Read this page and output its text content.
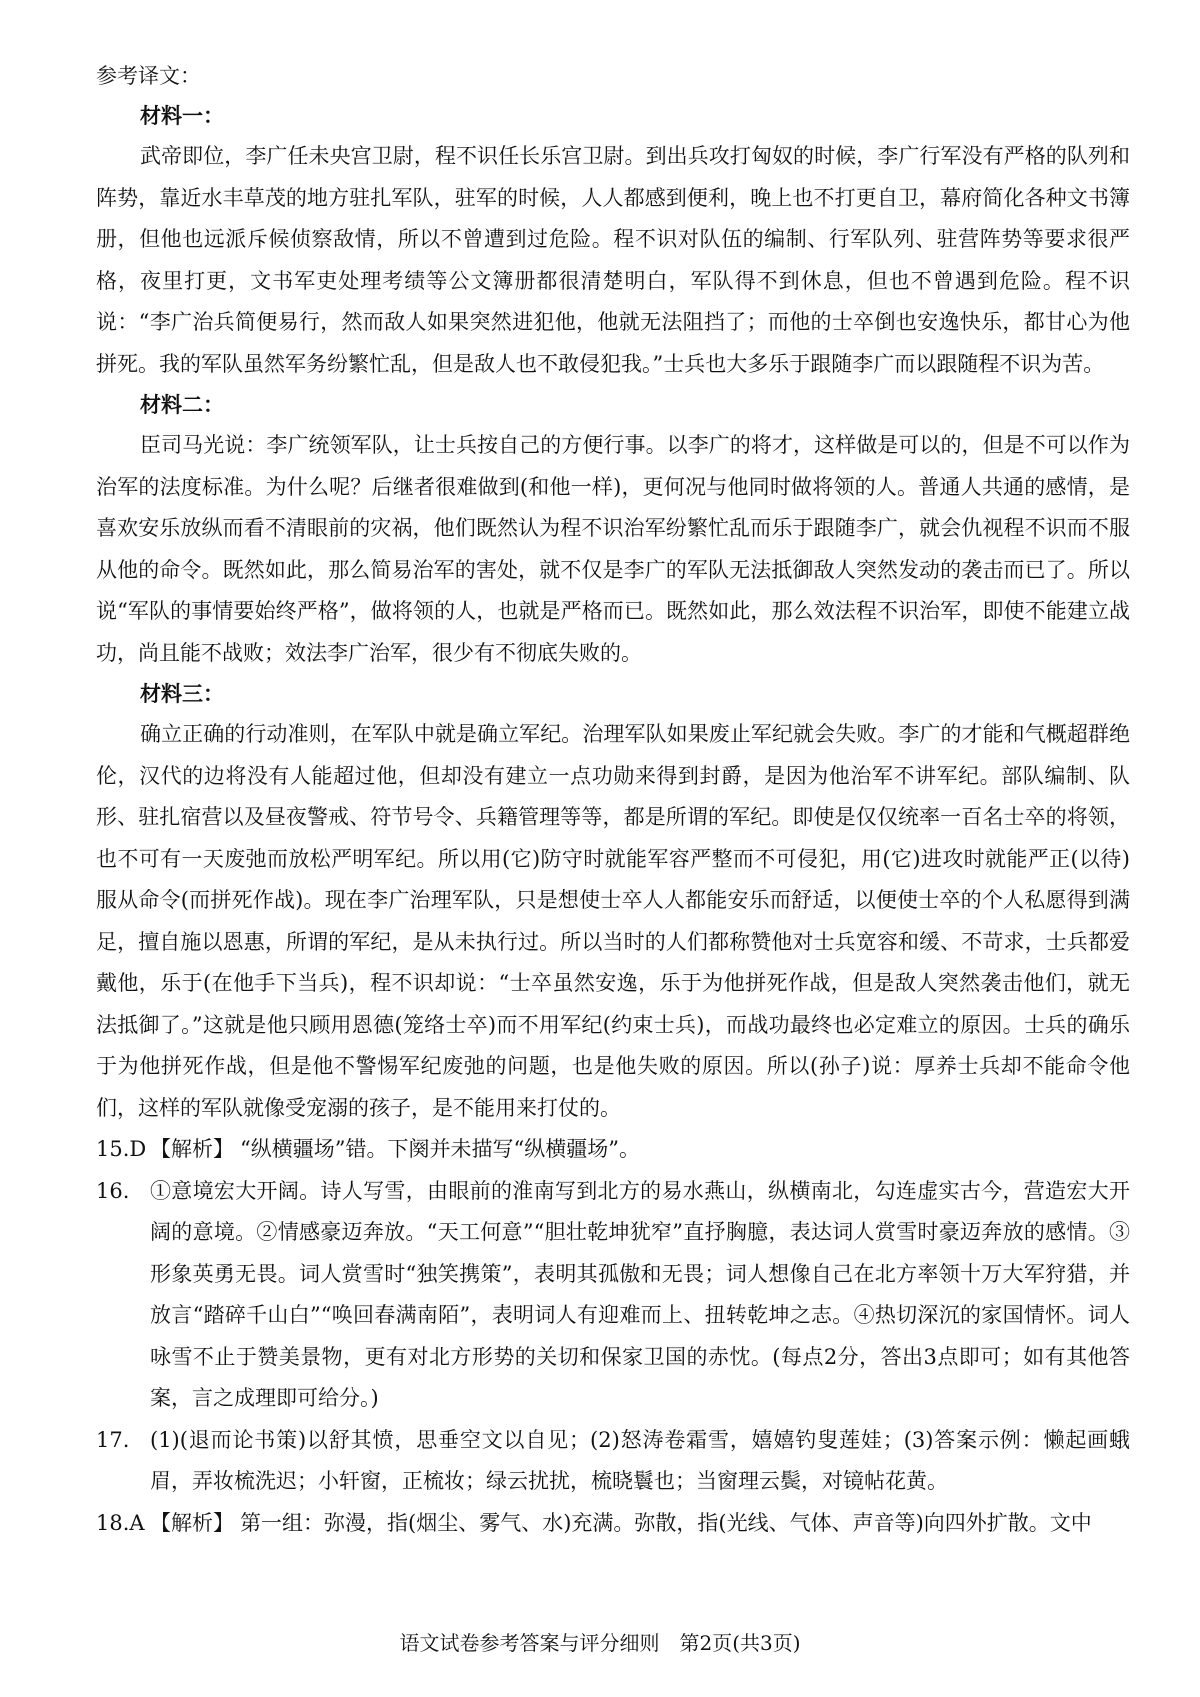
参考译文：

材料一：

武帝即位，李广任未央宫卫尉，程不识任长乐宫卫尉。到出兵攻打匈奴的时候，李广行军没有严格的队列和阵势，靠近水丰草茂的地方驻扎军队，驻军的时候，人人都感到便利，晚上也不打更自卫，幕府简化各种文书簿册，但他也远派斥候侦察敌情，所以不曾遭到过危险。程不识对队伍的编制、行军队列、驻营阵势等要求很严格，夜里打更，文书军吏处理考绩等公文簿册都很清楚明白，军队得不到休息，但也不曾遇到危险。程不识说：“李广治兵简便易行，然而敌人如果突然进犯他，他就无法阻挡了；而他的士卒倒也安逸快乐，都甘心为他拼死。我的军队虽然军务纷繁忙乱，但是敌人也不敢侵犯我。”士兵也大多乐于跟随李广而以跟随程不识为苦。

材料二：

臣司马光说：李广统领军队，让士兵按自己的方便行事。以李广的将才，这样做是可以的，但是不可以作为治军的法度标准。为什么呢？后继者很难做到(和他一样)，更何况与他同时做将领的人。普通人共通的感情，是喜欢安乐放纵而看不清眼前的灾祸，他们既然认为程不识治军纷繁忙乱而乐于跟随李广，就会仇视程不识而不服从他的命令。既然如此，那么简易治军的害处，就不仅是李广的军队无法抵御敌人突然发动的袭击而已了。所以说“军队的事情要始终严格”，做将领的人，也就是严格而已。既然如此，那么效法程不识治军，即使不能建立战功，尚且能不战败；效法李广治军，很少有不彻底失败的。

材料三：

确立正确的行动准则，在军队中就是确立军纪。治理军队如果废止军纪就会失败。李广的才能和气概超群绝伦，汉代的边将没有人能超过他，但却没有建立一点功勋来得到封爵，是因为他治军不讲军纪。部队编制、队形、驻扎宿营以及昼夜警戒、符节号令、兵籍管理等等，都是所谓的军纪。即使是仅仅统率一百名士卒的将领，也不可有一天废弛而放松严明军纪。所以用(它)防守时就能军容严整而不可侵犯，用(它)进攻时就能严正(以待)服从命令(而拼死作战)。现在李广治理军队，只是想使士卒人人都能安乐而舒适，以便使士卒的个人私愿得到满足，擅自施以恩惠，所谓的军纪，是从未执行过。所以当时的人们都称赞他对士兵宽容和缓、不苛求，士兵都爱戴他，乐于(在他手下当兵)，程不识却说：“士卒虽然安逸，乐于为他拼死作战，但是敌人突然袭击他们，就无法抵御了。”这就是他只顾用恩德(笼络士卒)而不用军纪(约束士兵)，而战功最终也必定难立的原因。士兵的确乐于为他拼死作战，但是他不警惕军纪废弛的问题，也是他失败的原因。所以(孙子)说：厚养士兵却不能命令他们，这样的军队就像受宠溺的孩子，是不能用来打仗的。

15.D 【解析】 “纵横疆场”错。下阕并未描写“纵横疆场”。
16. ①意境宏大开阔。诗人写雪，由眼前的淮南写到北方的易水燕山，纵横南北，勾连虚实古今，营造宏大开阔的意境。②情感豪迈奔放。“天工何意”“胆壮乾坤犹窄”直抒胸臆，表达词人赏雪时豪迈奔放的感情。③形象英勇无畏。词人赏雪时“独笑携策”，表明其孤傲和无畏；词人想像自己在北方率领十万大军狩猎，并放言“踏碎千山白”“唤回春满南陌”，表明词人有迎难而上、扭转乾坤之志。④热切深沉的家国情怀。词人咏雪不止于赞美景物，更有对北方形势的关切和保家卫国的赤忱。(每点2分，答出3点即可；如有其他答案，言之成理即可给分。)
17. (1)(退而论书策)以舒其愤，思垂空文以自见；(2)怒涛卷霜雪，嬉嬉钓叟莲娃；(3)答案示例：懒起画蛾眉，弄妆梳洗迟；小轩窗，正梳妆；绿云扰扰，梳晓鬟也；当窗理云鬓，对镜帖花黄。
18.A 【解析】 第一组：弥漫，指(烟尘、雾气、水)充满。弥散，指(光线、气体、声音等)向四外扩散。文中
语文试卷参考答案与评分细则　第2页(共3页)
